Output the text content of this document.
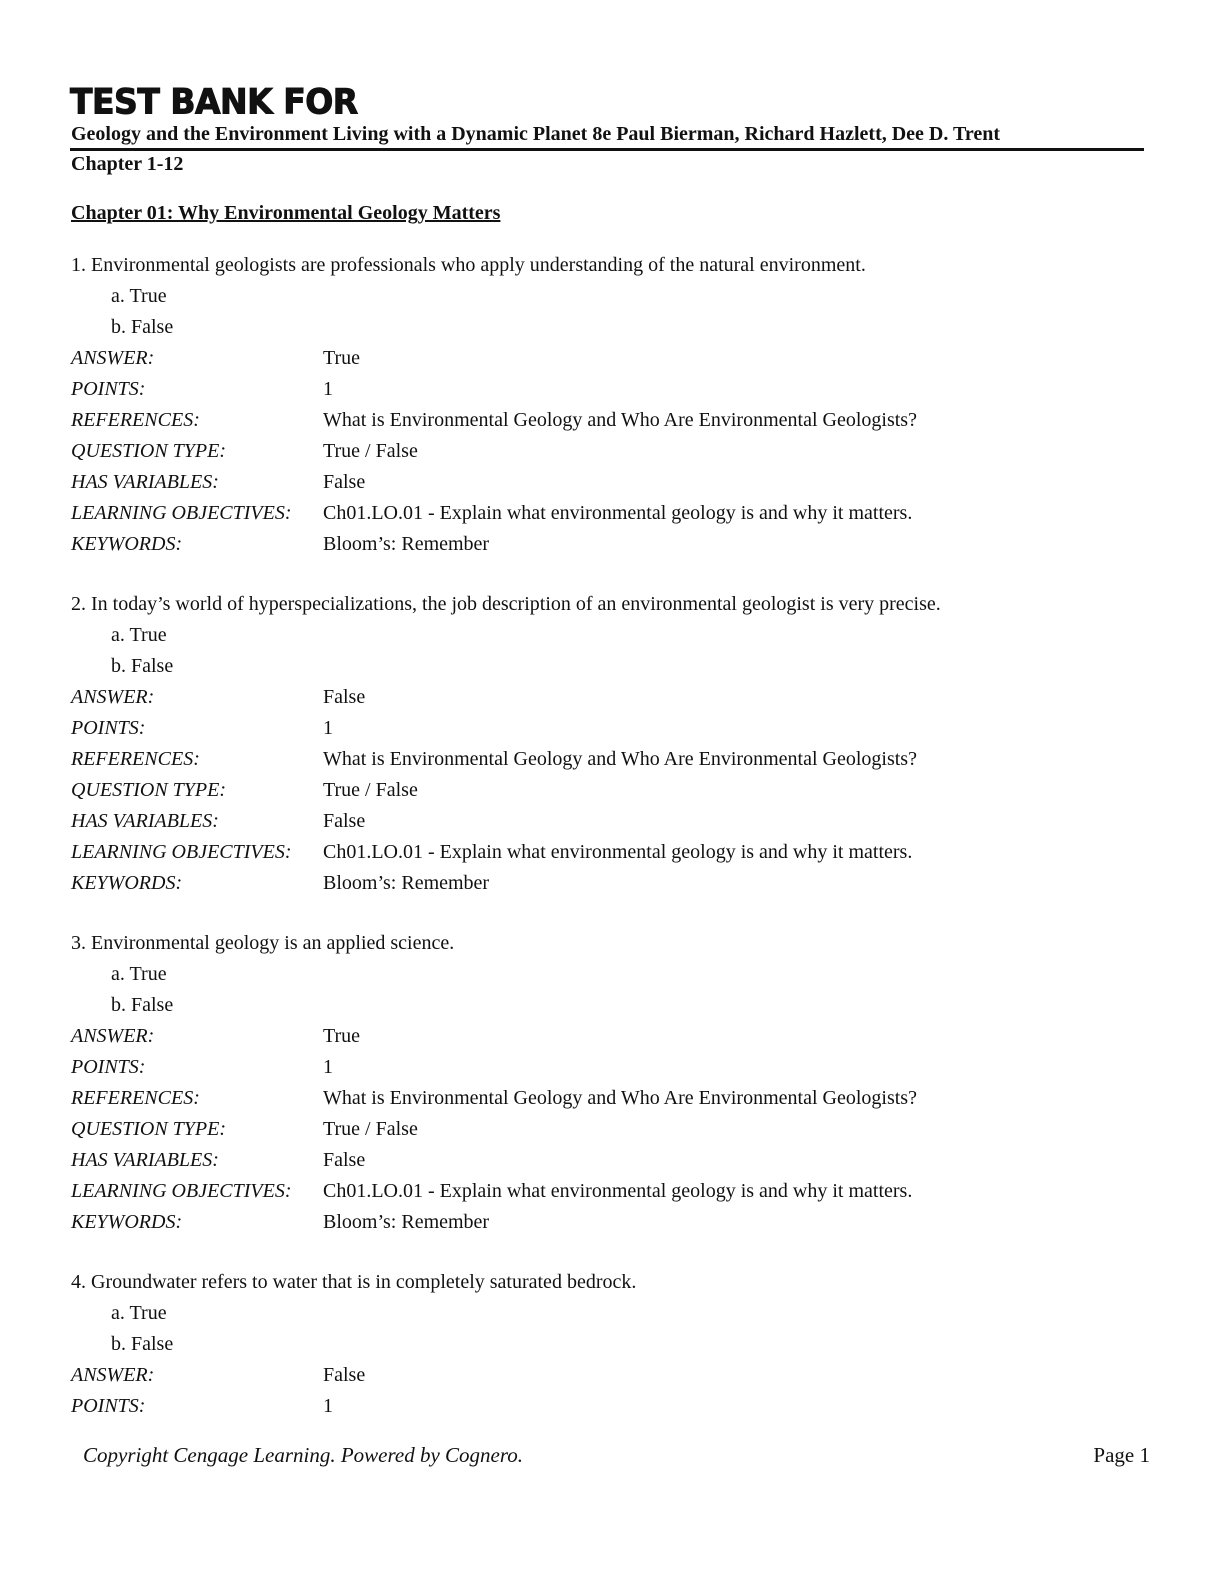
TEST BANK FOR
Geology and the Environment Living with a Dynamic Planet 8e Paul Bierman, Richard Hazlett, Dee D. Trent
Chapter 1-12
Chapter 01: Why Environmental Geology Matters
1. Environmental geologists are professionals who apply understanding of the natural environment.
a. True
b. False
ANSWER:	True
POINTS:	1
REFERENCES:	What is Environmental Geology and Who Are Environmental Geologists?
QUESTION TYPE:	True / False
HAS VARIABLES:	False
LEARNING OBJECTIVES: Ch01.LO.01 - Explain what environmental geology is and why it matters.
KEYWORDS:	Bloom’s: Remember
2. In today’s world of hyperspecializations, the job description of an environmental geologist is very precise.
a. True
b. False
ANSWER:	False
POINTS:	1
REFERENCES:	What is Environmental Geology and Who Are Environmental Geologists?
QUESTION TYPE:	True / False
HAS VARIABLES:	False
LEARNING OBJECTIVES: Ch01.LO.01 - Explain what environmental geology is and why it matters.
KEYWORDS:	Bloom’s: Remember
3. Environmental geology is an applied science.
a. True
b. False
ANSWER:	True
POINTS:	1
REFERENCES:	What is Environmental Geology and Who Are Environmental Geologists?
QUESTION TYPE:	True / False
HAS VARIABLES:	False
LEARNING OBJECTIVES: Ch01.LO.01 - Explain what environmental geology is and why it matters.
KEYWORDS:	Bloom’s: Remember
4. Groundwater refers to water that is in completely saturated bedrock.
a. True
b. False
ANSWER:	False
POINTS:	1
Copyright Cengage Learning. Powered by Cognero.	Page 1
